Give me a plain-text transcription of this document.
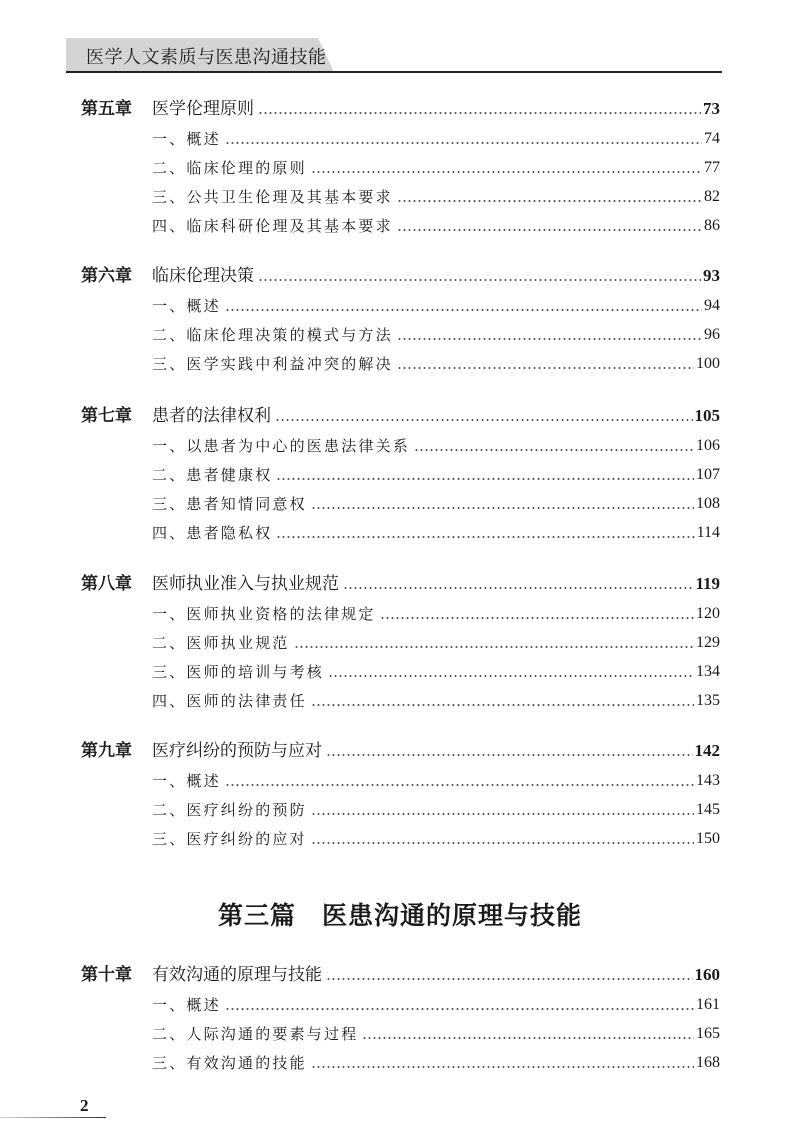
医学人文素质与医患沟通技能
第五章 医学伦理原则	73
一、概述	74
二、临床伦理的原则	77
三、公共卫生伦理及其基本要求	82
四、临床科研伦理及其基本要求	86
第六章 临床伦理决策	93
一、概述	94
二、临床伦理决策的模式与方法	96
三、医学实践中利益冲突的解决	100
第七章 患者的法律权利	105
一、以患者为中心的医患法律关系	106
二、患者健康权	107
三、患者知情同意权	108
四、患者隐私权	114
第八章 医师执业准入与执业规范	119
一、医师执业资格的法律规定	120
二、医师执业规范	129
三、医师的培训与考核	134
四、医师的法律责任	135
第九章 医疗纠纷的预防与应对	142
一、概述	143
二、医疗纠纷的预防	145
三、医疗纠纷的应对	150
第十章 有效沟通的原理与技能	160
一、概述	161
二、人际沟通的要素与过程	165
三、有效沟通的技能	168
第三篇 医患沟通的原理与技能
2
